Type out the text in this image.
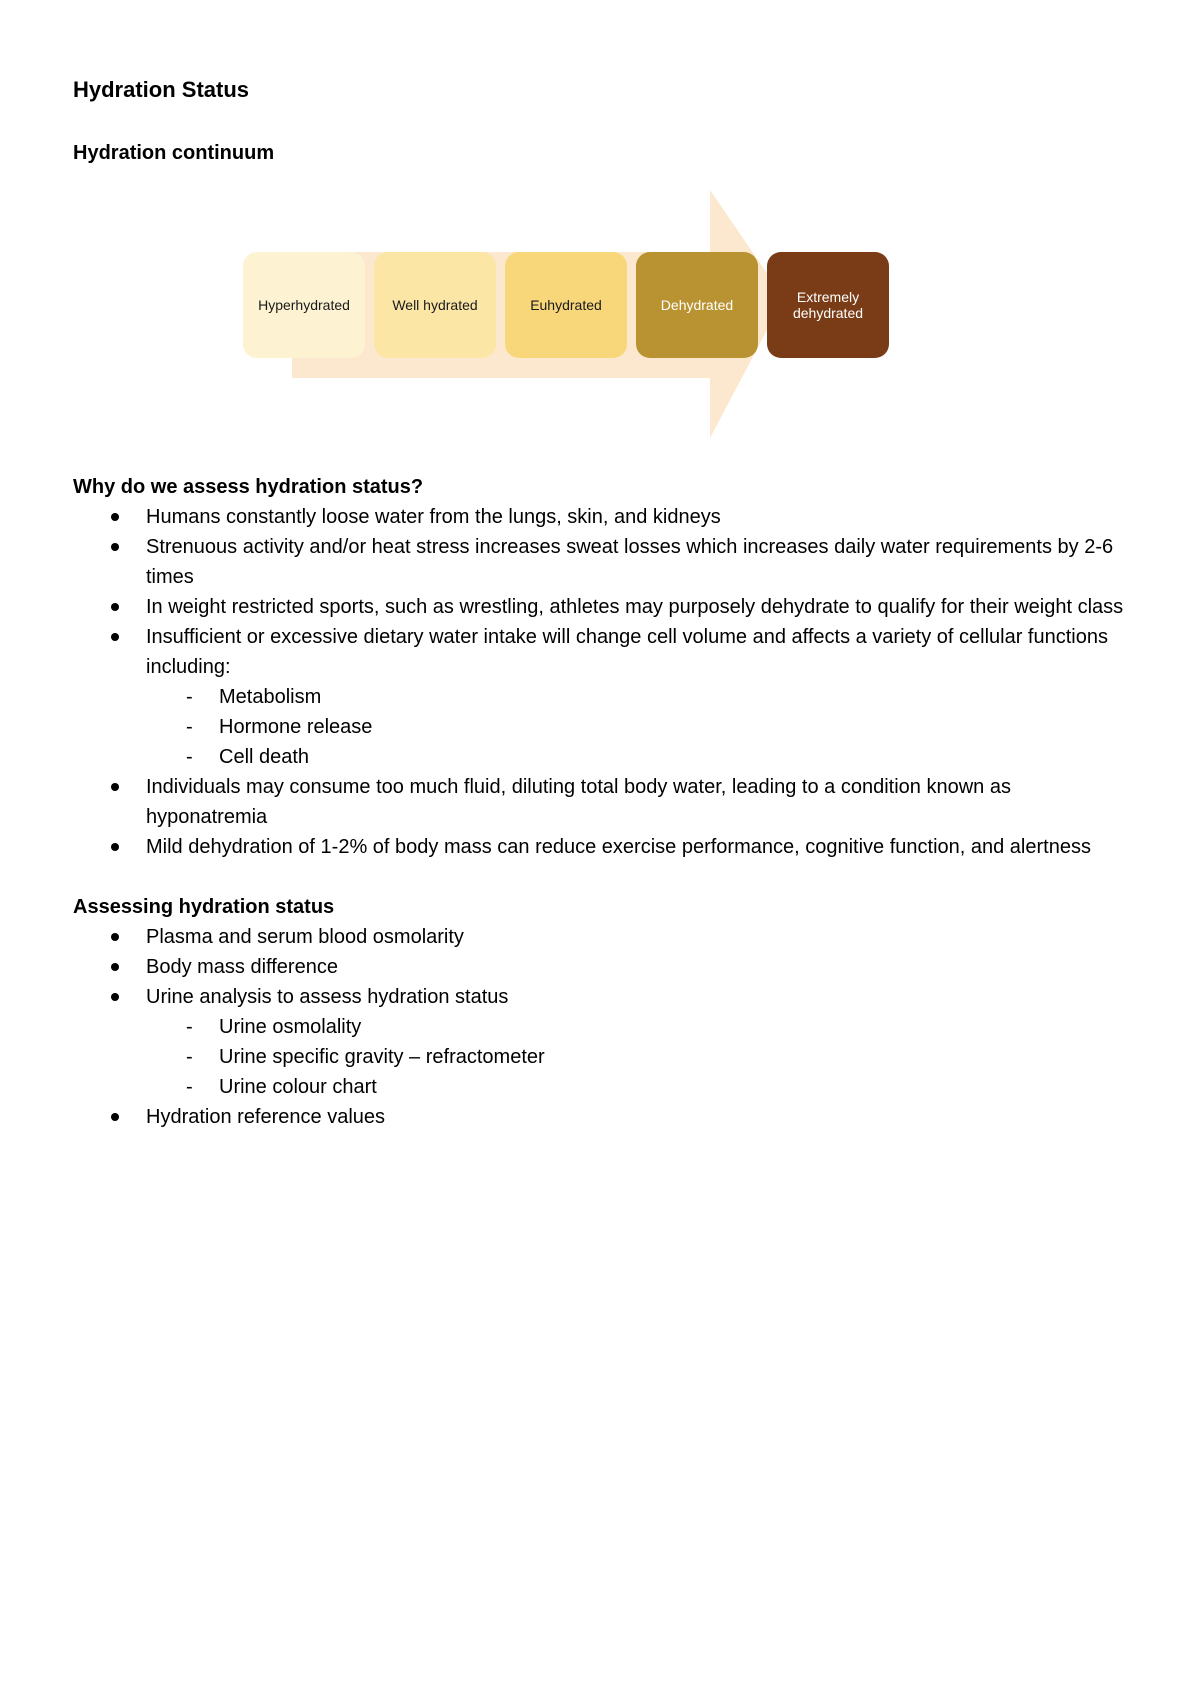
Hydration Status
Hydration continuum
Hyperhydrated	Well hydrated	Euhydrated	Dehydrated	Extremely dehydrated
Why do we assess hydration status?
Humans constantly loose water from the lungs, skin, and kidneys
Strenuous activity and/or heat stress increases sweat losses which increases daily water requirements by 2-6 times
In weight restricted sports, such as wrestling, athletes may purposely dehydrate to qualify for their weight class
Insufficient or excessive dietary water intake will change cell volume and affects a variety of cellular functions including:
- Metabolism
- Hormone release
- Cell death
Individuals may consume too much fluid, diluting total body water, leading to a condition known as hyponatremia
Mild dehydration of 1-2% of body mass can reduce exercise performance, cognitive function, and alertness
Assessing hydration status
Plasma and serum blood osmolarity
Body mass difference
Urine analysis to assess hydration status
- Urine osmolality
- Urine specific gravity – refractometer
- Urine colour chart
Hydration reference values
